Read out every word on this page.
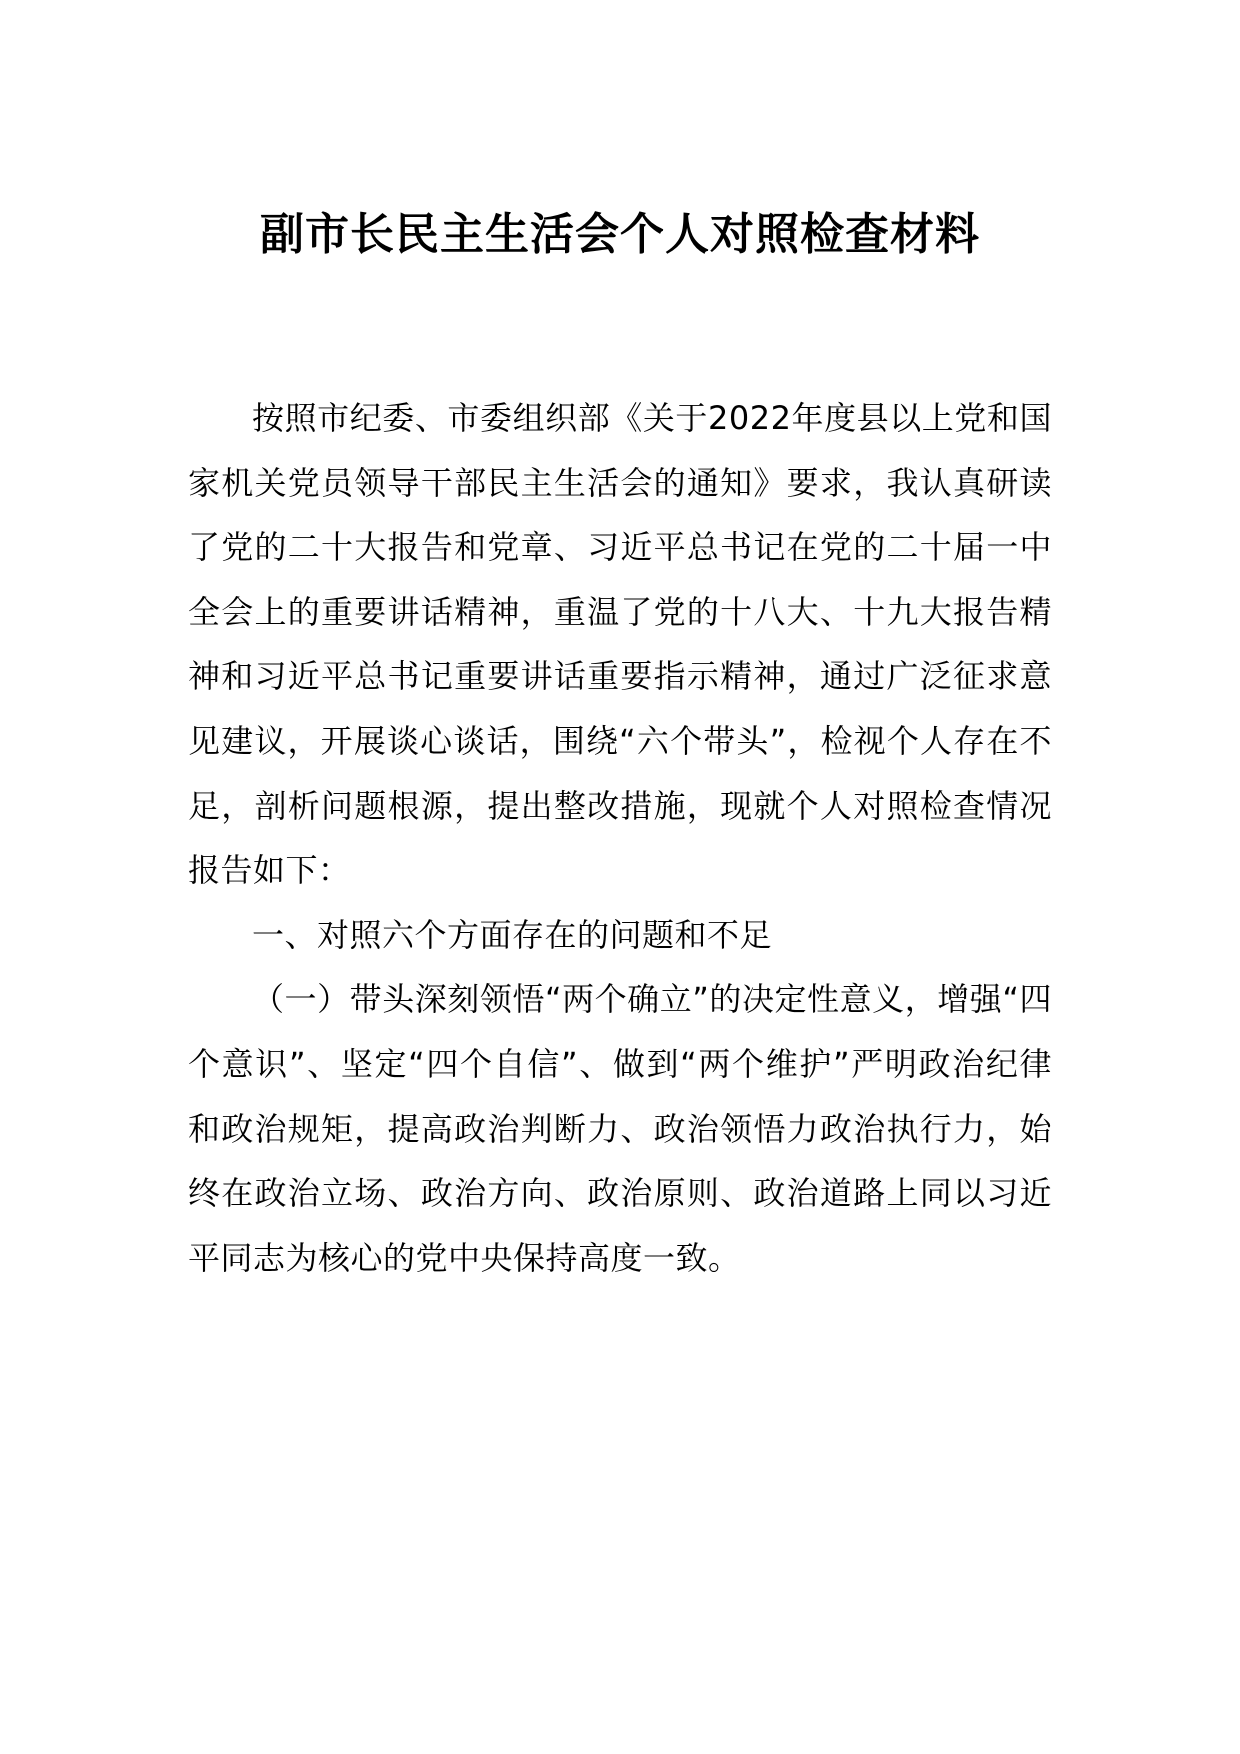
副市长民主生活会个人对照检查材料

按照市纪委、市委组织部《关于2022年度县以上党和国家机关党员领导干部民主生活会的通知》要求，我认真研读了党的二十大报告和党章、习近平总书记在党的二十届一中全会上的重要讲话精神，重温了党的十八大、十九大报告精神和习近平总书记重要讲话重要指示精神，通过广泛征求意见建议，开展谈心谈话，围绕“六个带头”，检视个人存在不足，剖析问题根源，提出整改措施，现就个人对照检查情况报告如下：

一、对照六个方面存在的问题和不足

（一）带头深刻领悟“两个确立”的决定性意义，增强“四个意识”、坚定“四个自信”、做到“两个维护”严明政治纪律和政治规矩，提高政治判断力、政治领悟力政治执行力，始终在政治立场、政治方向、政治原则、政治道路上同以习近平同志为核心的党中央保持高度一致。
